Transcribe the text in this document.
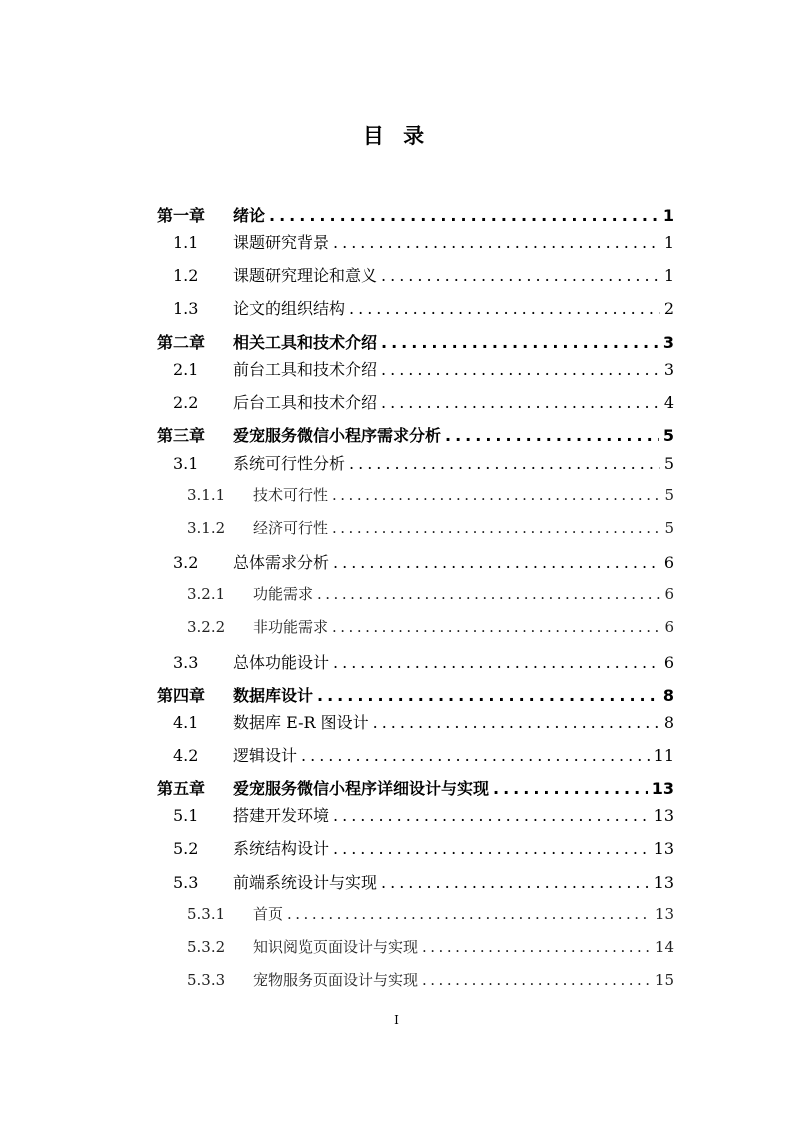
目 录
第一章	绪论 .....	1
1.1	课题研究背景 .....	1
1.2	课题研究理论和意义 .....	1
1.3	论文的组织结构 .....	2
第二章	相关工具和技术介绍 .....	3
2.1	前台工具和技术介绍 .....	3
2.2	后台工具和技术介绍 .....	4
第三章	爱宠服务微信小程序需求分析 .....	5
3.1	系统可行性分析 .....	5
3.1.1	技术可行性 .....	5
3.1.2	经济可行性 .....	5
3.2	总体需求分析 .....	6
3.2.1	功能需求 .....	6
3.2.2	非功能需求 .....	6
3.3	总体功能设计 .....	6
第四章	数据库设计 .....	8
4.1	数据库 E-R 图设计 .....	8
4.2	逻辑设计 .....	11
第五章	爱宠服务微信小程序详细设计与实现 .....	13
5.1	搭建开发环境 .....	13
5.2	系统结构设计 .....	13
5.3	前端系统设计与实现 .....	13
5.3.1	首页 .....	13
5.3.2	知识阅览页面设计与实现 .....	14
5.3.3	宠物服务页面设计与实现 .....	15
I
